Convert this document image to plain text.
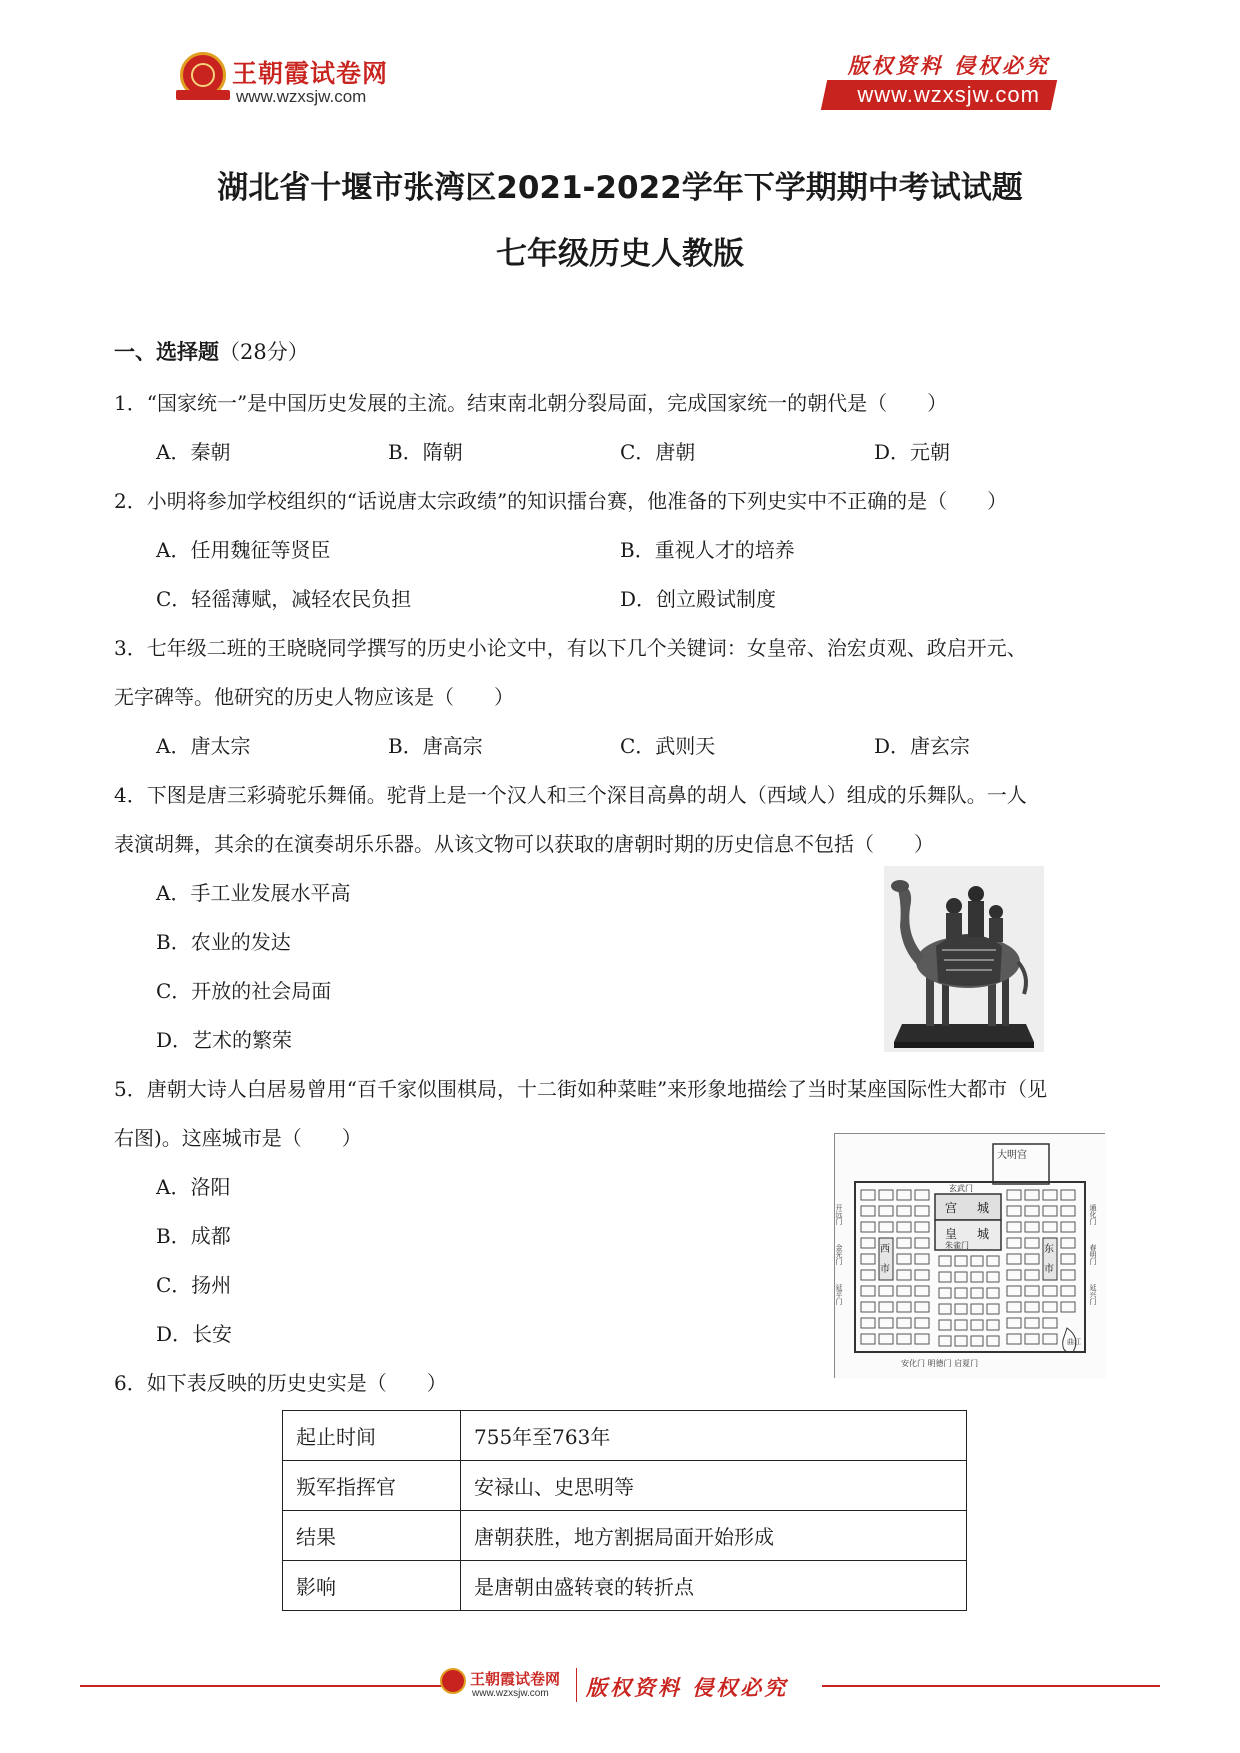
王朝霞试卷网
www.wzxsjw.com
版权资料 侵权必究
www.wzxsjw.com
湖北省十堰市张湾区2021-2022学年下学期期中考试试题
七年级历史人教版
一、选择题（28分）
1．“国家统一”是中国历史发展的主流。结束南北朝分裂局面，完成国家统一的朝代是（　　）
A．秦朝	B．隋朝	C．唐朝	D．元朝
2．小明将参加学校组织的“话说唐太宗政绩”的知识擂台赛，他准备的下列史实中不正确的是（　　）
A．任用魏征等贤臣	B．重视人才的培养
C．轻徭薄赋，减轻农民负担	D．创立殿试制度
3．七年级二班的王晓晓同学撰写的历史小论文中，有以下几个关键词：女皇帝、治宏贞观、政启开元、
无字碑等。他研究的历史人物应该是（　　）
A．唐太宗	B．唐高宗	C．武则天	D．唐玄宗
4．下图是唐三彩骑驼乐舞俑。驼背上是一个汉人和三个深目高鼻的胡人（西域人）组成的乐舞队。一人
表演胡舞，其余的在演奏胡乐乐器。从该文物可以获取的唐朝时期的历史信息不包括（　　）
A．手工业发展水平高
B．农业的发达
C．开放的社会局面
D．艺术的繁荣
5．唐朝大诗人白居易曾用“百千家似围棋局，十二街如种菜畦”来形象地描绘了当时某座国际性大都市（见
右图)。这座城市是（　　）
A．洛阳
B．成都
C．扬州
D．长安
大明宫
宫 城
玄武门
皇 城
朱雀门
西
市
东
市
开远门
金光门
延平门
通化门
春明门
延兴门
安化门 明德门 启夏门
曲江
6．如下表反映的历史史实是（　　）
起止时间	755年至763年
叛军指挥官	安禄山、史思明等
结果	唐朝获胜，地方割据局面开始形成
影响	是唐朝由盛转衰的转折点
王朝霞试卷网
www.wzxsjw.com 版权资料 侵权必究
